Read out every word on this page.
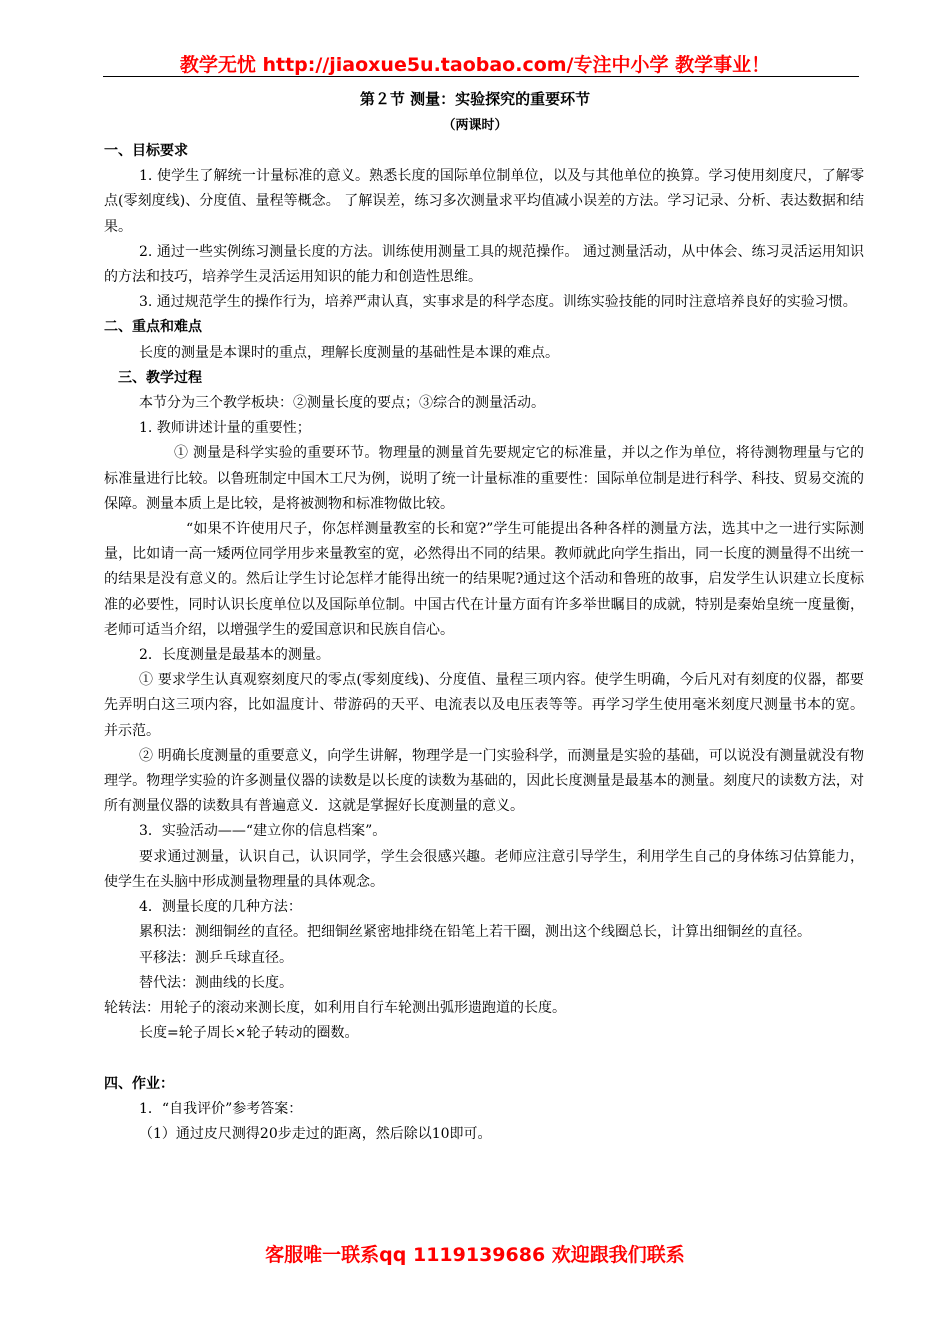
教学无忧 http://jiaoxue5u.taobao.com/专注中小学 教学事业！
第２节 测量：实验探究的重要环节
（两课时）

一、目标要求

1. 使学生了解统一计量标准的意义。熟悉长度的国际单位制单位，以及与其他单位的换算。学习使用刻度尺，了解零点(零刻度线)、分度值、量程等概念。 了解误差，练习多次测量求平均值减小误差的方法。学习记录、分析、表达数据和结果。

2. 通过一些实例练习测量长度的方法。训练使用测量工具的规范操作。 通过测量活动，从中体会、练习灵活运用知识的方法和技巧，培养学生灵活运用知识的能力和创造性思维。

3. 通过规范学生的操作行为，培养严肃认真，实事求是的科学态度。训练实验技能的同时注意培养良好的实验习惯。

二、重点和难点

长度的测量是本课时的重点，理解长度测量的基础性是本课的难点。

三、教学过程

本节分为三个教学板块：②测量长度的要点；③综合的测量活动。

1. 教师讲述计量的重要性；

① 测量是科学实验的重要环节。物理量的测量首先要规定它的标准量，并以之作为单位，将待测物理量与它的标准量进行比较。以鲁班制定中国木工尺为例，说明了统一计量标准的重要性：国际单位制是进行科学、科技、贸易交流的保障。测量本质上是比较，是将被测物和标准物做比较。

“如果不许使用尺子，你怎样测量教室的长和宽?”学生可能提出各种各样的测量方法，选其中之一进行实际测量，比如请一高一矮两位同学用步来量教室的宽，必然得出不同的结果。教师就此向学生指出，同一长度的测量得不出统一的结果是没有意义的。然后让学生讨论怎样才能得出统一的结果呢?通过这个活动和鲁班的故事，启发学生认识建立长度标准的必要性，同时认识长度单位以及国际单位制。中国古代在计量方面有许多举世瞩目的成就，特别是秦始皇统一度量衡，老师可适当介绍，以增强学生的爱国意识和民族自信心。

2．长度测量是最基本的测量。

① 要求学生认真观察刻度尺的零点(零刻度线)、分度值、量程三项内容。使学生明确，今后凡对有刻度的仪器，都要先弄明白这三项内容，比如温度计、带游码的天平、电流表以及电压表等等。再学习学生使用毫米刻度尺测量书本的宽。 并示范。

② 明确长度测量的重要意义，向学生讲解，物理学是一门实验科学，而测量是实验的基础，可以说没有测量就没有物理学。物理学实验的许多测量仪器的读数是以长度的读数为基础的，因此长度测量是最基本的测量。刻度尺的读数方法，对所有测量仪器的读数具有普遍意义．这就是掌握好长度测量的意义。

3．实验活动——“建立你的信息档案”。

要求通过测量，认识自己，认识同学，学生会很感兴趣。老师应注意引导学生，利用学生自己的身体练习估算能力，使学生在头脑中形成测量物理量的具体观念。

4．测量长度的几种方法：

累积法：测细铜丝的直径。把细铜丝紧密地排绕在铅笔上若干圈，测出这个线圈总长，计算出细铜丝的直径。

平移法：测乒乓球直径。

替代法：测曲线的长度。

轮转法：用轮子的滚动来测长度，如利用自行车轮测出弧形遗跑道的长度。

长度=轮子周长×轮子转动的圈数。

四、作业：

1．“自我评价”参考答案：

（1）通过皮尺测得20步走过的距离，然后除以10即可。

客服唯一联系qq 1119139686 欢迎跟我们联系
